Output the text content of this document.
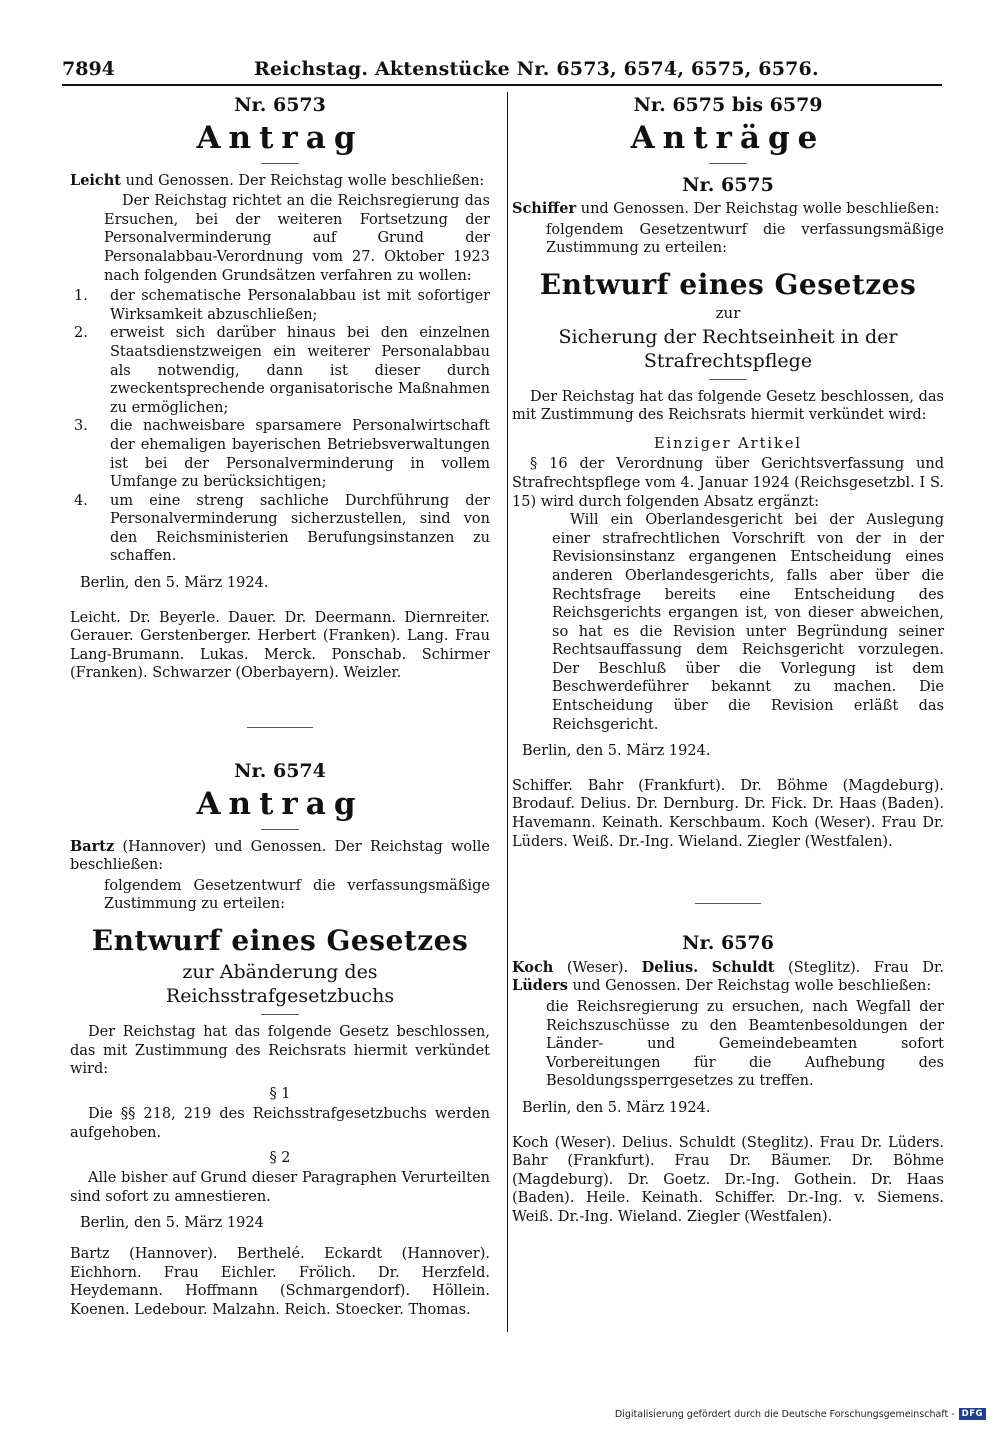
7894	Reichstag. Aktenstücke Nr. 6573, 6574, 6575, 6576.

Nr. 6573

Antrag

Leicht und Genossen. Der Reichstag wolle beschließen:

Der Reichstag richtet an die Reichsregierung das Ersuchen, bei der weiteren Fortsetzung der Personalverminderung auf Grund der Personalabbau-Verordnung vom 27. Oktober 1923 nach folgenden Grundsätzen verfahren zu wollen:

1. der schematische Personalabbau ist mit sofortiger Wirksamkeit abzuschließen;
2. erweist sich darüber hinaus bei den einzelnen Staatsdienstzweigen ein weiterer Personalabbau als notwendig, dann ist dieser durch zweckentsprechende organisatorische Maßnahmen zu ermöglichen;
3. die nachweisbare sparsamere Personalwirtschaft der ehemaligen bayerischen Betriebsverwaltungen ist bei der Personalverminderung in vollem Umfange zu berücksichtigen;
4. um eine streng sachliche Durchführung der Personalverminderung sicherzustellen, sind von den Reichsministerien Berufungsinstanzen zu schaffen.

Berlin, den 5. März 1924.

Leicht. Dr. Beyerle. Dauer. Dr. Deermann. Diernreiter. Gerauer. Gerstenberger. Herbert (Franken). Lang. Frau Lang-Brumann. Lukas. Merck. Ponschab. Schirmer (Franken). Schwarzer (Oberbayern). Weizler.

Nr. 6574

Antrag

Bartz (Hannover) und Genossen. Der Reichstag wolle beschließen:

folgendem Gesetzentwurf die verfassungsmäßige Zustimmung zu erteilen:

Entwurf eines Gesetzes

zur Abänderung des Reichsstrafgesetzbuchs

Der Reichstag hat das folgende Gesetz beschlossen, das mit Zustimmung des Reichsrats hiermit verkündet wird:

§ 1

Die §§ 218, 219 des Reichsstrafgesetzbuchs werden aufgehoben.

§ 2

Alle bisher auf Grund dieser Paragraphen Verurteilten sind sofort zu amnestieren.

Berlin, den 5. März 1924

Bartz (Hannover). Berthelé. Eckardt (Hannover). Eichhorn. Frau Eichler. Frölich. Dr. Herzfeld. Heydemann. Hoffmann (Schmargendorf). Höllein. Koenen. Ledebour. Malzahn. Reich. Stoecker. Thomas.

Nr. 6575 bis 6579

Anträge

Nr. 6575

Schiffer und Genossen. Der Reichstag wolle beschließen:

folgendem Gesetzentwurf die verfassungsmäßige Zustimmung zu erteilen:

Entwurf eines Gesetzes

zur

Sicherung der Rechtseinheit in der Strafrechtspflege

Der Reichstag hat das folgende Gesetz beschlossen, das mit Zustimmung des Reichsrats hiermit verkündet wird:

Einziger Artikel

§ 16 der Verordnung über Gerichtsverfassung und Strafrechtspflege vom 4. Januar 1924 (Reichsgesetzbl. I S. 15) wird durch folgenden Absatz ergänzt:

Will ein Oberlandesgericht bei der Auslegung einer strafrechtlichen Vorschrift von der in der Revisionsinstanz ergangenen Entscheidung eines anderen Oberlandesgerichts, falls aber über die Rechtsfrage bereits eine Entscheidung des Reichsgerichts ergangen ist, von dieser abweichen, so hat es die Revision unter Begründung seiner Rechtsauffassung dem Reichsgericht vorzulegen. Der Beschluß über die Vorlegung ist dem Beschwerdeführer bekannt zu machen. Die Entscheidung über die Revision erläßt das Reichsgericht.

Berlin, den 5. März 1924.

Schiffer. Bahr (Frankfurt). Dr. Böhme (Magdeburg). Brodauf. Delius. Dr. Dernburg. Dr. Fick. Dr. Haas (Baden). Havemann. Keinath. Kerschbaum. Koch (Weser). Frau Dr. Lüders. Weiß. Dr.-Ing. Wieland. Ziegler (Westfalen).

Nr. 6576

Koch (Weser). Delius. Schuldt (Steglitz). Frau Dr. Lüders und Genossen. Der Reichstag wolle beschließen:

die Reichsregierung zu ersuchen, nach Wegfall der Reichszuschüsse zu den Beamtenbesoldungen der Länder- und Gemeindebeamten sofort Vorbereitungen für die Aufhebung des Besoldungssperrgesetzes zu treffen.

Berlin, den 5. März 1924.

Koch (Weser). Delius. Schuldt (Steglitz). Frau Dr. Lüders. Bahr (Frankfurt). Frau Dr. Bäumer. Dr. Böhme (Magdeburg). Dr. Goetz. Dr.-Ing. Gothein. Dr. Haas (Baden). Heile. Keinath. Schiffer. Dr.-Ing. v. Siemens. Weiß. Dr.-Ing. Wieland. Ziegler (Westfalen).

Digitalisierung gefördert durch die Deutsche Forschungsgemeinschaft - DFG
